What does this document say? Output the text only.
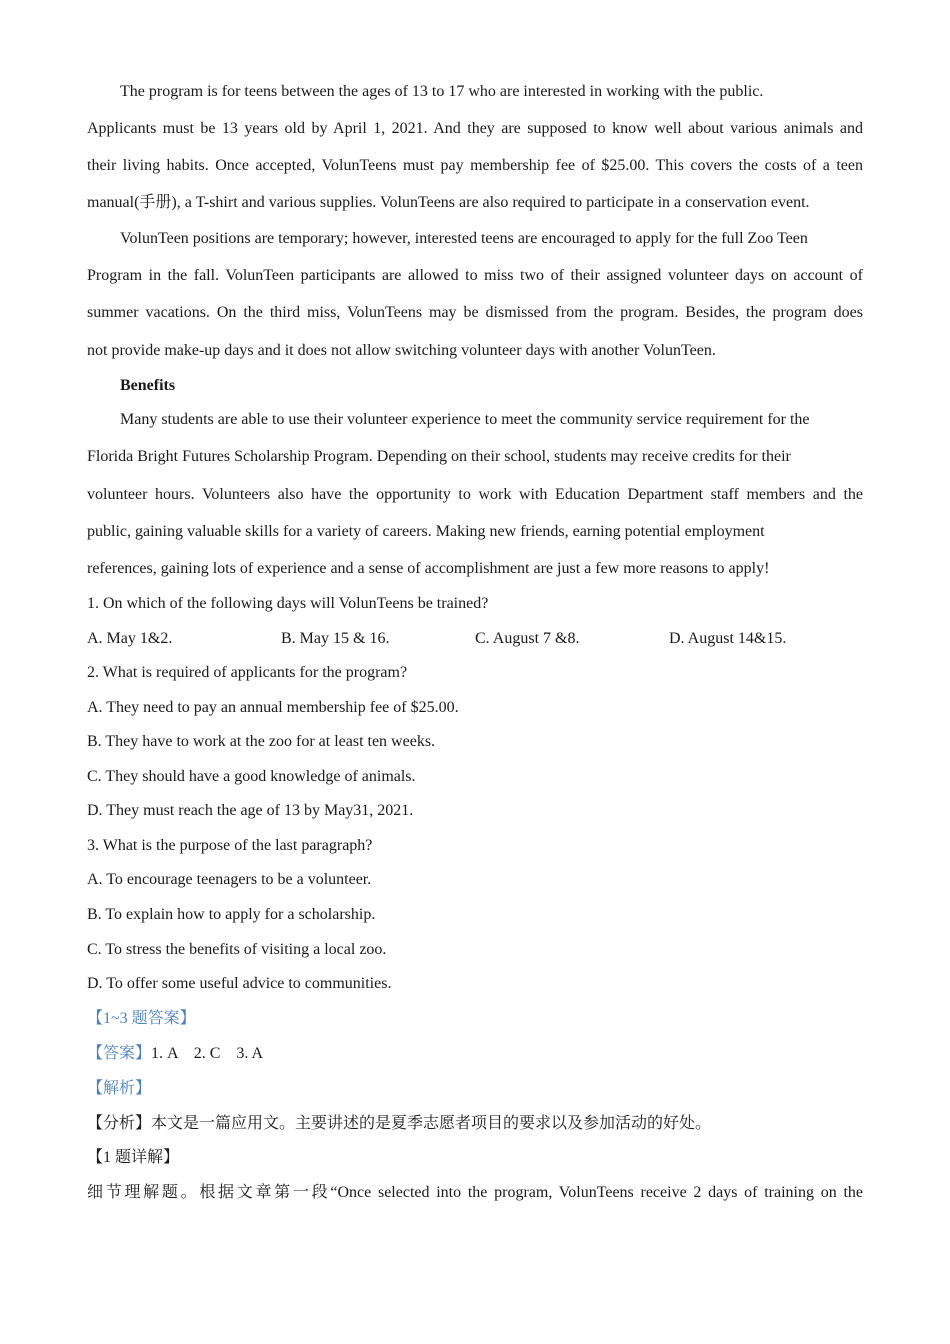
The program is for teens between the ages of 13 to 17 who are interested in working with the public.
Applicants must be 13 years old by April 1, 2021. And they are supposed to know well about various animals and
their living habits. Once accepted, VolunTeens must pay membership fee of $25.00. This covers the costs of a teen
manual(手册), a T-shirt and various supplies. VolunTeens are also required to participate in a conservation event.
VolunTeen positions are temporary; however, interested teens are encouraged to apply for the full Zoo Teen
Program in the fall. VolunTeen participants are allowed to miss two of their assigned volunteer days on account of
summer vacations. On the third miss, VolunTeens may be dismissed from the program. Besides, the program does
not provide make-up days and it does not allow switching volunteer days with another VolunTeen.
Benefits
Many students are able to use their volunteer experience to meet the community service requirement for the
Florida Bright Futures Scholarship Program. Depending on their school, students may receive credits for their
volunteer hours. Volunteers also have the opportunity to work with Education Department staff members and the
public, gaining valuable skills for a variety of careers. Making new friends, earning potential employment
references, gaining lots of experience and a sense of accomplishment are just a few more reasons to apply!
1. On which of the following days will VolunTeens be trained?
A. May 1&2.	B. May 15 & 16.	C. August 7 &8.	D. August 14&15.
2. What is required of applicants for the program?
A. They need to pay an annual membership fee of $25.00.
B. They have to work at the zoo for at least ten weeks.
C. They should have a good knowledge of animals.
D. They must reach the age of 13 by May31, 2021.
3. What is the purpose of the last paragraph?
A. To encourage teenagers to be a volunteer.
B. To explain how to apply for a scholarship.
C. To stress the benefits of visiting a local zoo.
D. To offer some useful advice to communities.
【1~3 题答案】
【答案】1. A    2. C    3. A
【解析】
【分析】本文是一篇应用文。主要讲述的是夏季志愿者项目的要求以及参加活动的好处。
【1 题详解】
细节理解题。根据文章第一段“Once selected into the program, VolunTeens receive 2 days of training on the
